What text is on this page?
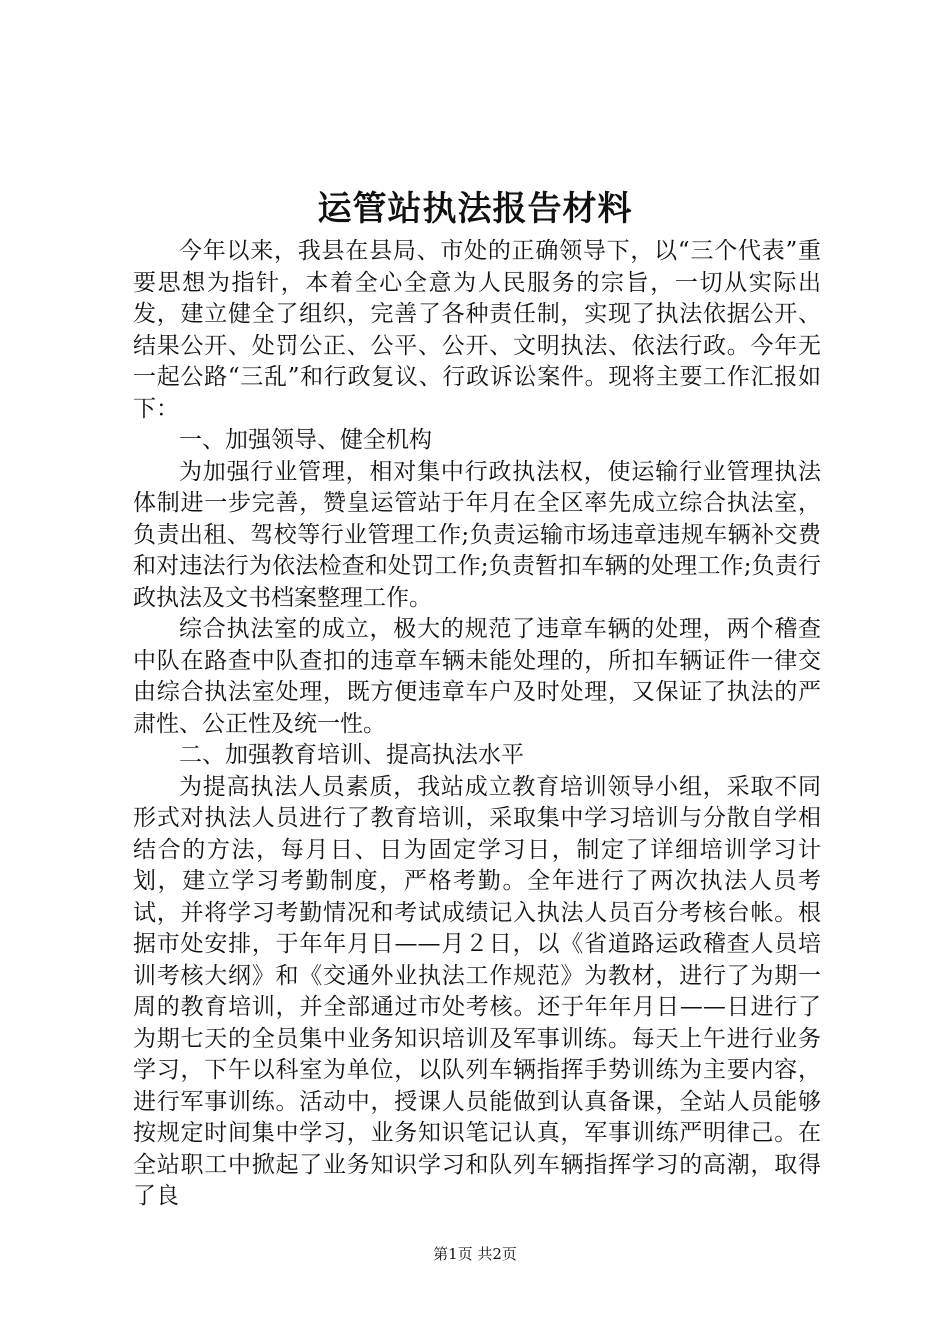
运管站执法报告材料

今年以来，我县在县局、市处的正确领导下，以“三个代表”重要思想为指针，本着全心全意为人民服务的宗旨，一切从实际出发，建立健全了组织，完善了各种责任制，实现了执法依据公开、结果公开、处罚公正、公平、公开、文明执法、依法行政。今年无一起公路“三乱”和行政复议、行政诉讼案件。现将主要工作汇报如下：

一、加强领导、健全机构

为加强行业管理，相对集中行政执法权，使运输行业管理执法体制进一步完善，赞皇运管站于年月在全区率先成立综合执法室，负责出租、驾校等行业管理工作;负责运输市场违章违规车辆补交费和对违法行为依法检查和处罚工作;负责暂扣车辆的处理工作;负责行政执法及文书档案整理工作。

综合执法室的成立，极大的规范了违章车辆的处理，两个稽查中队在路查中队查扣的违章车辆未能处理的，所扣车辆证件一律交由综合执法室处理，既方便违章车户及时处理，又保证了执法的严肃性、公正性及统一性。

二、加强教育培训、提高执法水平

为提高执法人员素质，我站成立教育培训领导小组，采取不同形式对执法人员进行了教育培训，采取集中学习培训与分散自学相结合的方法，每月日、日为固定学习日，制定了详细培训学习计划，建立学习考勤制度，严格考勤。全年进行了两次执法人员考试，并将学习考勤情况和考试成绩记入执法人员百分考核台帐。根据市处安排，于年年月日——月２日，以《省道路运政稽查人员培训考核大纲》和《交通外业执法工作规范》为教材，进行了为期一周的教育培训，并全部通过市处考核。还于年年月日——日进行了为期七天的全员集中业务知识培训及军事训练。每天上午进行业务学习，下午以科室为单位，以队列车辆指挥手势训练为主要内容，进行军事训练。活动中，授课人员能做到认真备课，全站人员能够按规定时间集中学习，业务知识笔记认真，军事训练严明律己。在全站职工中掀起了业务知识学习和队列车辆指挥学习的高潮，取得了良

第1页 共2页
